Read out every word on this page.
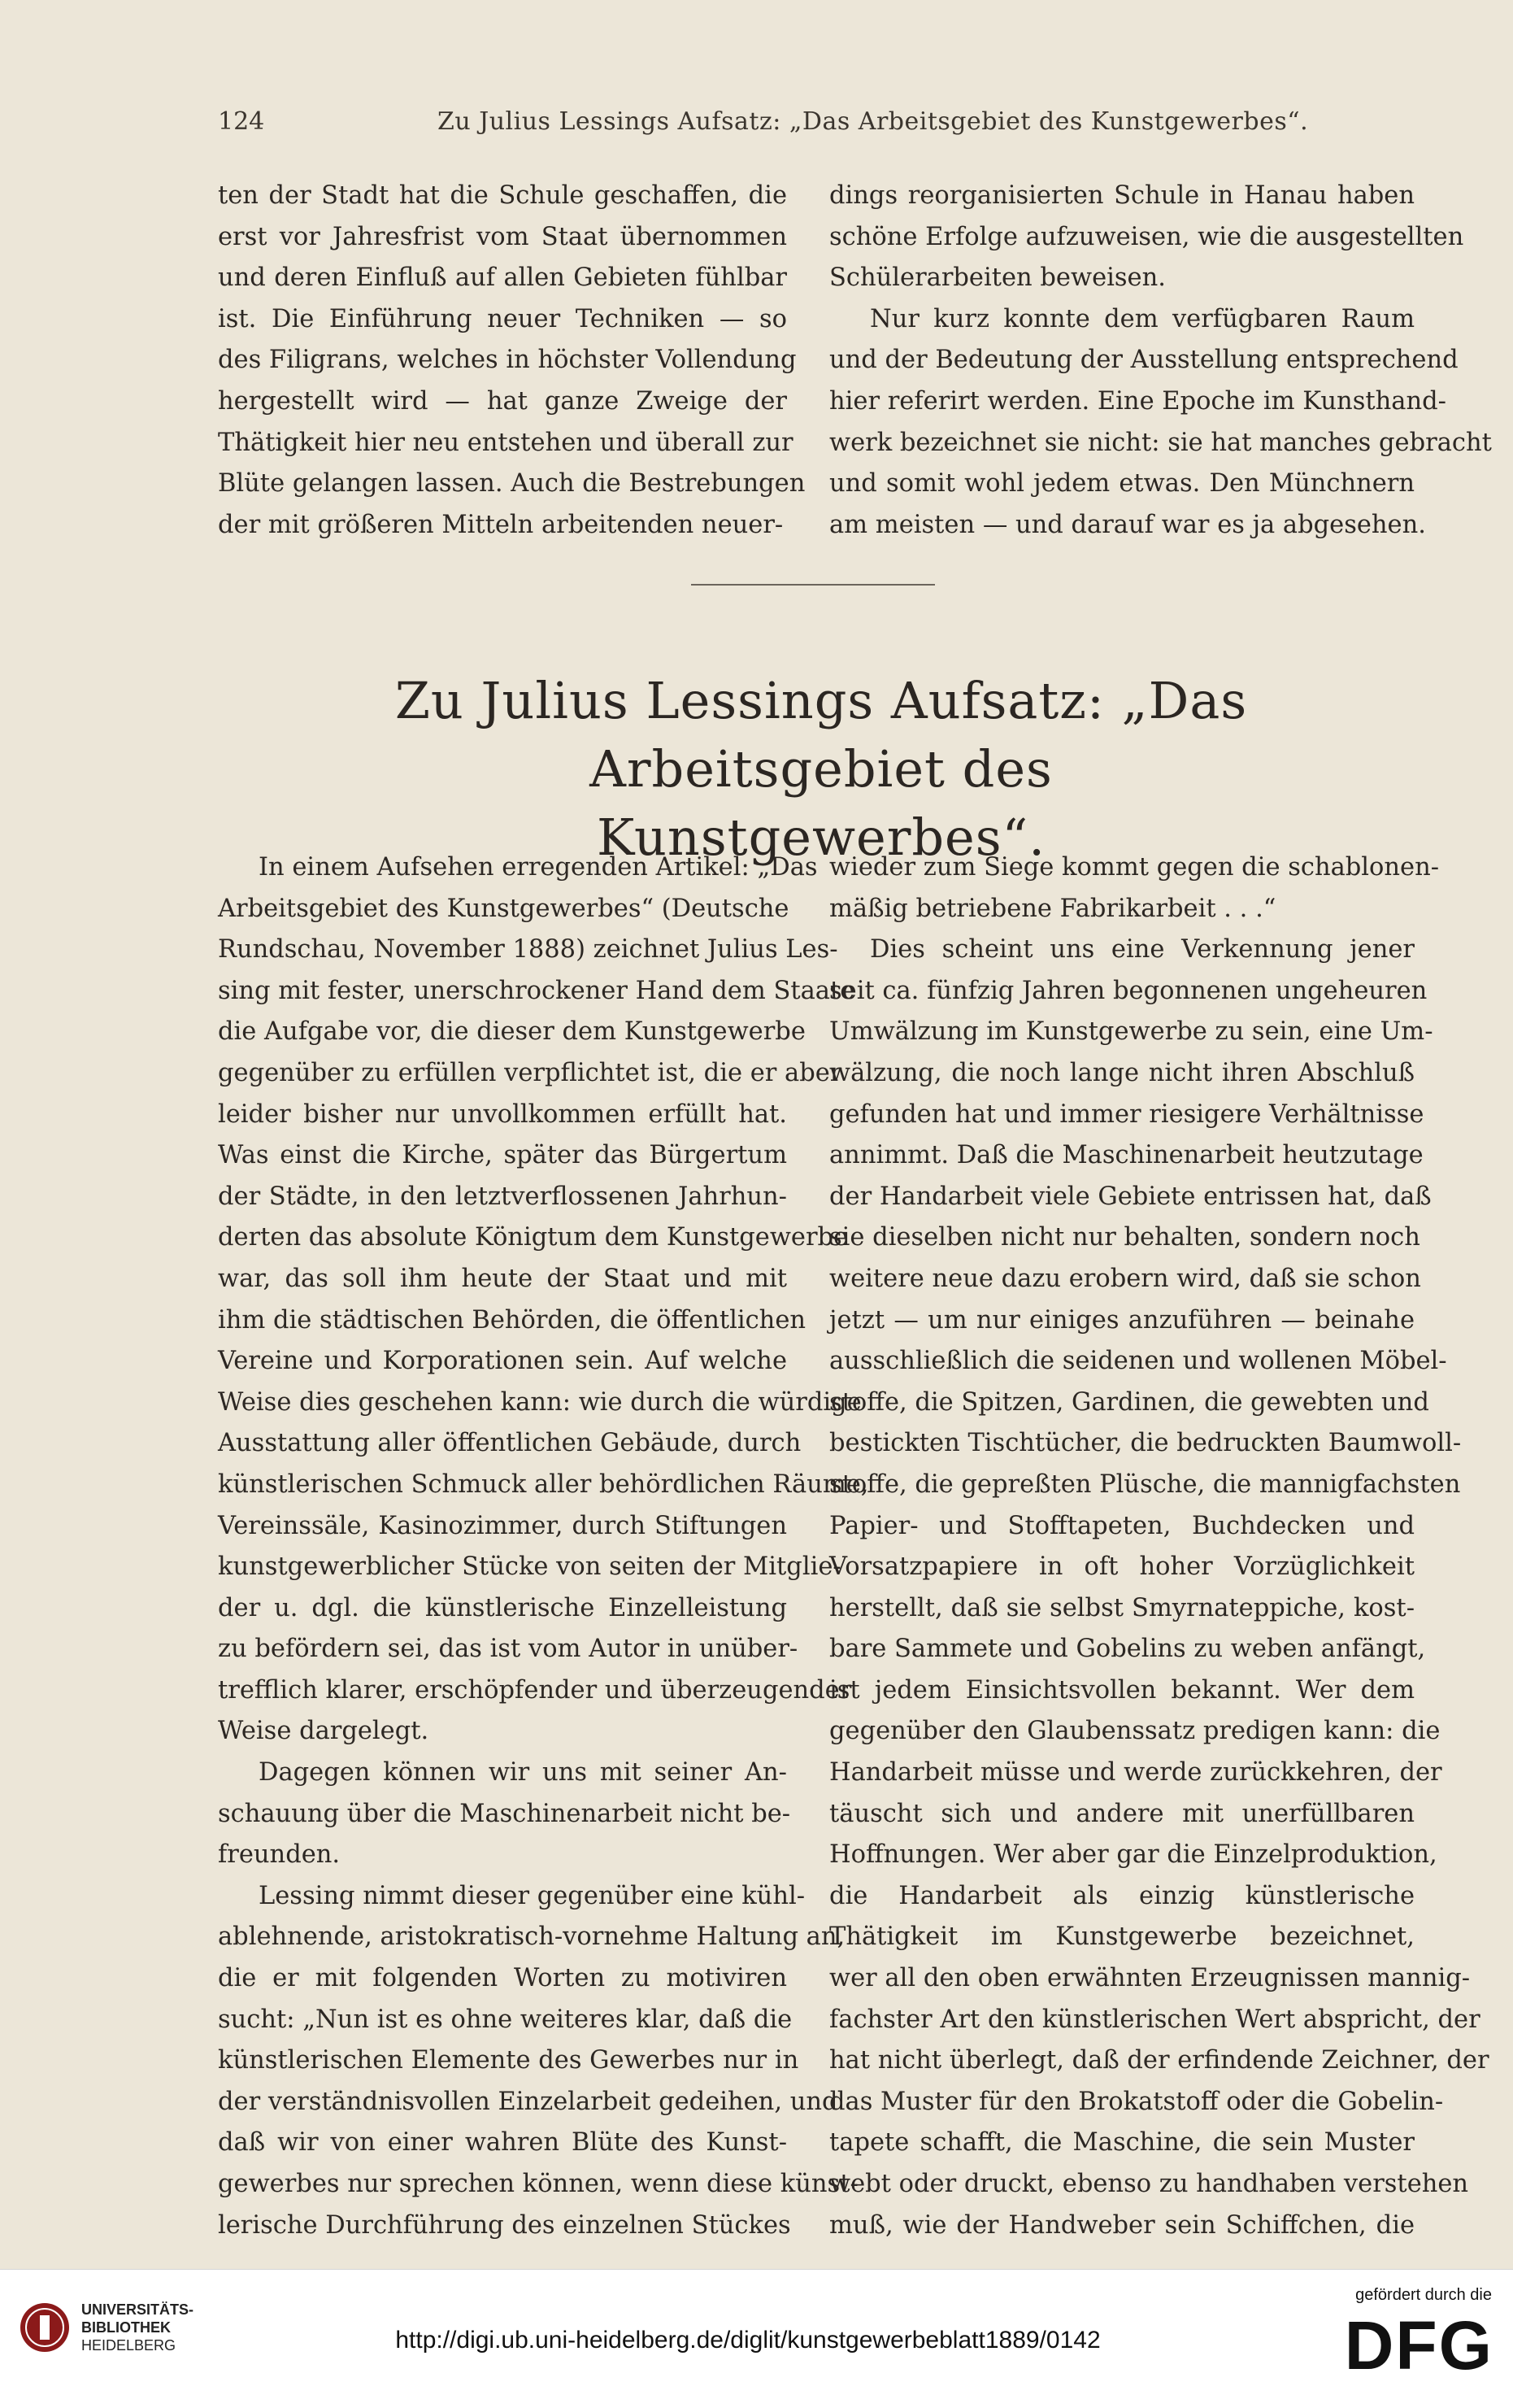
124	Zu Julius Lessings Aufsatz: „Das Arbeitsgebiet des Kunstgewerbes“.
ten der Stadt hat die Schule geschaffen, die
erst vor Jahresfrist vom Staat übernommen
und deren Einfluß auf allen Gebieten fühlbar
ist. Die Einführung neuer Techniken — so
des Filigrans, welches in höchster Vollendung
hergestellt wird — hat ganze Zweige der
Thätigkeit hier neu entstehen und überall zur
Blüte gelangen lassen. Auch die Bestrebungen
der mit größeren Mitteln arbeitenden neuer-
dings reorganisierten Schule in Hanau haben
schöne Erfolge aufzuweisen, wie die ausgestellten
Schülerarbeiten beweisen.
Nur kurz konnte dem verfügbaren Raum
und der Bedeutung der Ausstellung entsprechend
hier referirt werden. Eine Epoche im Kunsthand-
werk bezeichnet sie nicht: sie hat manches gebracht
und somit wohl jedem etwas. Den Münchnern
am meisten — und darauf war es ja abgesehen.
Zu Julius Lessings Aufsatz: „Das Arbeitsgebiet des
Kunstgewerbes“.
In einem Aufsehen erregenden Artikel: „Das
Arbeitsgebiet des Kunstgewerbes“ (Deutsche
Rundschau, November 1888) zeichnet Julius Les-
sing mit fester, unerschrockener Hand dem Staate
die Aufgabe vor, die dieser dem Kunstgewerbe
gegenüber zu erfüllen verpflichtet ist, die er aber
leider bisher nur unvollkommen erfüllt hat.
Was einst die Kirche, später das Bürgertum
der Städte, in den letztverflossenen Jahrhun-
derten das absolute Königtum dem Kunstgewerbe
war, das soll ihm heute der Staat und mit
ihm die städtischen Behörden, die öffentlichen
Vereine und Korporationen sein. Auf welche
Weise dies geschehen kann: wie durch die würdige
Ausstattung aller öffentlichen Gebäude, durch
künstlerischen Schmuck aller behördlichen Räume,
Vereinssäle, Kasinozimmer, durch Stiftungen
kunstgewerblicher Stücke von seiten der Mitglie-
der u. dgl. die künstlerische Einzelleistung
zu befördern sei, das ist vom Autor in unüber-
trefflich klarer, erschöpfender und überzeugender
Weise dargelegt.
Dagegen können wir uns mit seiner An-
schauung über die Maschinenarbeit nicht be-
freunden.
Lessing nimmt dieser gegenüber eine kühl-
ablehnende, aristokratisch-vornehme Haltung an,
die er mit folgenden Worten zu motiviren
sucht: „Nun ist es ohne weiteres klar, daß die
künstlerischen Elemente des Gewerbes nur in
der verständnisvollen Einzelarbeit gedeihen, und
daß wir von einer wahren Blüte des Kunst-
gewerbes nur sprechen können, wenn diese künst-
lerische Durchführung des einzelnen Stückes
wieder zum Siege kommt gegen die schablonen-
mäßig betriebene Fabrikarbeit . . .“
Dies scheint uns eine Verkennung jener
seit ca. fünfzig Jahren begonnenen ungeheuren
Umwälzung im Kunstgewerbe zu sein, eine Um-
wälzung, die noch lange nicht ihren Abschluß
gefunden hat und immer riesigere Verhältnisse
annimmt. Daß die Maschinenarbeit heutzutage
der Handarbeit viele Gebiete entrissen hat, daß
sie dieselben nicht nur behalten, sondern noch
weitere neue dazu erobern wird, daß sie schon
jetzt — um nur einiges anzuführen — beinahe
ausschließlich die seidenen und wollenen Möbel-
stoffe, die Spitzen, Gardinen, die gewebten und
bestickten Tischtücher, die bedruckten Baumwoll-
stoffe, die gepreßten Plüsche, die mannigfachsten
Papier- und Stofftapeten, Buchdecken und
Vorsatzpapiere in oft hoher Vorzüglichkeit
herstellt, daß sie selbst Smyrnateppiche, kost-
bare Sammete und Gobelins zu weben anfängt,
ist jedem Einsichtsvollen bekannt. Wer dem
gegenüber den Glaubenssatz predigen kann: die
Handarbeit müsse und werde zurückkehren, der
täuscht sich und andere mit unerfüllbaren
Hoffnungen. Wer aber gar die Einzelproduktion,
die Handarbeit als einzig künstlerische
Thätigkeit im Kunstgewerbe bezeichnet,
wer all den oben erwähnten Erzeugnissen mannig-
fachster Art den künstlerischen Wert abspricht, der
hat nicht überlegt, daß der erfindende Zeichner, der
das Muster für den Brokatstoff oder die Gobelin-
tapete schafft, die Maschine, die sein Muster
webt oder druckt, ebenso zu handhaben verstehen
muß, wie der Handweber sein Schiffchen, die
UNIVERSITÄTS-
BIBLIOTHEK
HEIDELBERG	http://digi.ub.uni-heidelberg.de/diglit/kunstgewerbeblatt1889/0142
gefördert durch die
DFG
